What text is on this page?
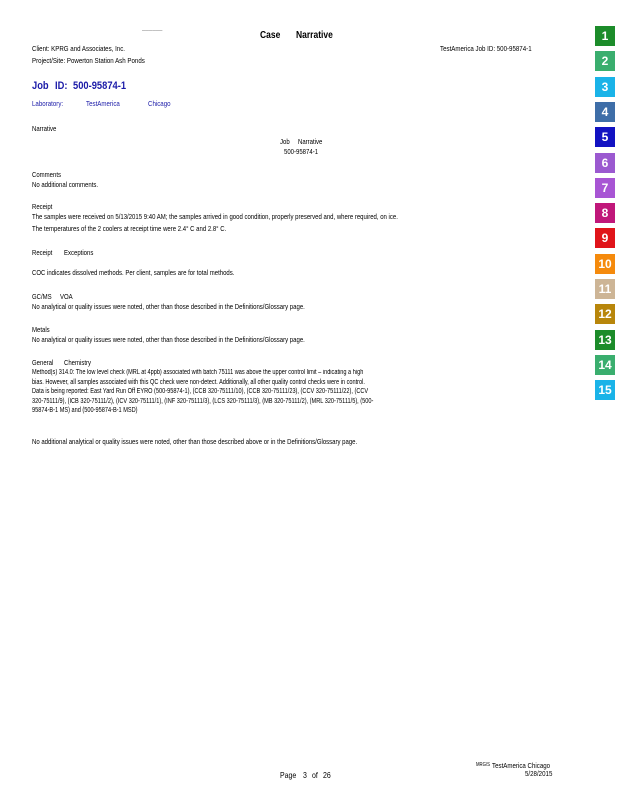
——————
Case Narrative
Client: KPRG and Associates, Inc.
Project/Site: Powerton Station Ash Ponds
TestAmerica Job ID: 500-95874-1
Job ID: 500-95874-1
Laboratory:	TestAmerica	Chicago
Narrative
Job Narrative
500-95874-1
Comments
No additional comments.
Receipt
The samples were received on 5/13/2015 9:40 AM; the samples arrived in good condition, properly preserved and, where required, on ice.
The temperatures of the 2 coolers at receipt time were 2.4° C and 2.8° C.
Receipt Exceptions
COC indicates dissolved methods. Per client, samples are for total methods.
GC/MS VOA
No analytical or quality issues were noted, other than those described in the Definitions/Glossary page.
Metals
No analytical or quality issues were noted, other than those described in the Definitions/Glossary page.
General Chemistry
Method(s) 314.0: The low level check (MRL at 4ppb) associated with batch 75111 was above the upper control limit – indicating a high bias. However, all samples associated with this QC check were non-detect. Additionally, all other quality control checks were in control. Data is being reported: East Yard Run Off EYRO (500-95874-1), (CCB 320-75111/10), (CCB 320-75111/23), (CCV 320-75111/22), (CCV 320-75111/9), (ICB 320-75111/2), (ICV 320-75111/1), (INF 320-75111/3), (LCS 320-75111/3), (MB 320-75111/2), (MRL 320-75111/5), (500-95874-B-1 MS) and (500-95874-B-1 MSD)
No additional analytical or quality issues were noted, other than those described above or in the Definitions/Glossary page.
Page 3 of 26
MRG/S TestAmerica Chicago
5/28/2015
1
2
3
4
5
6
7
8
9
10
11
12
13
14
15
